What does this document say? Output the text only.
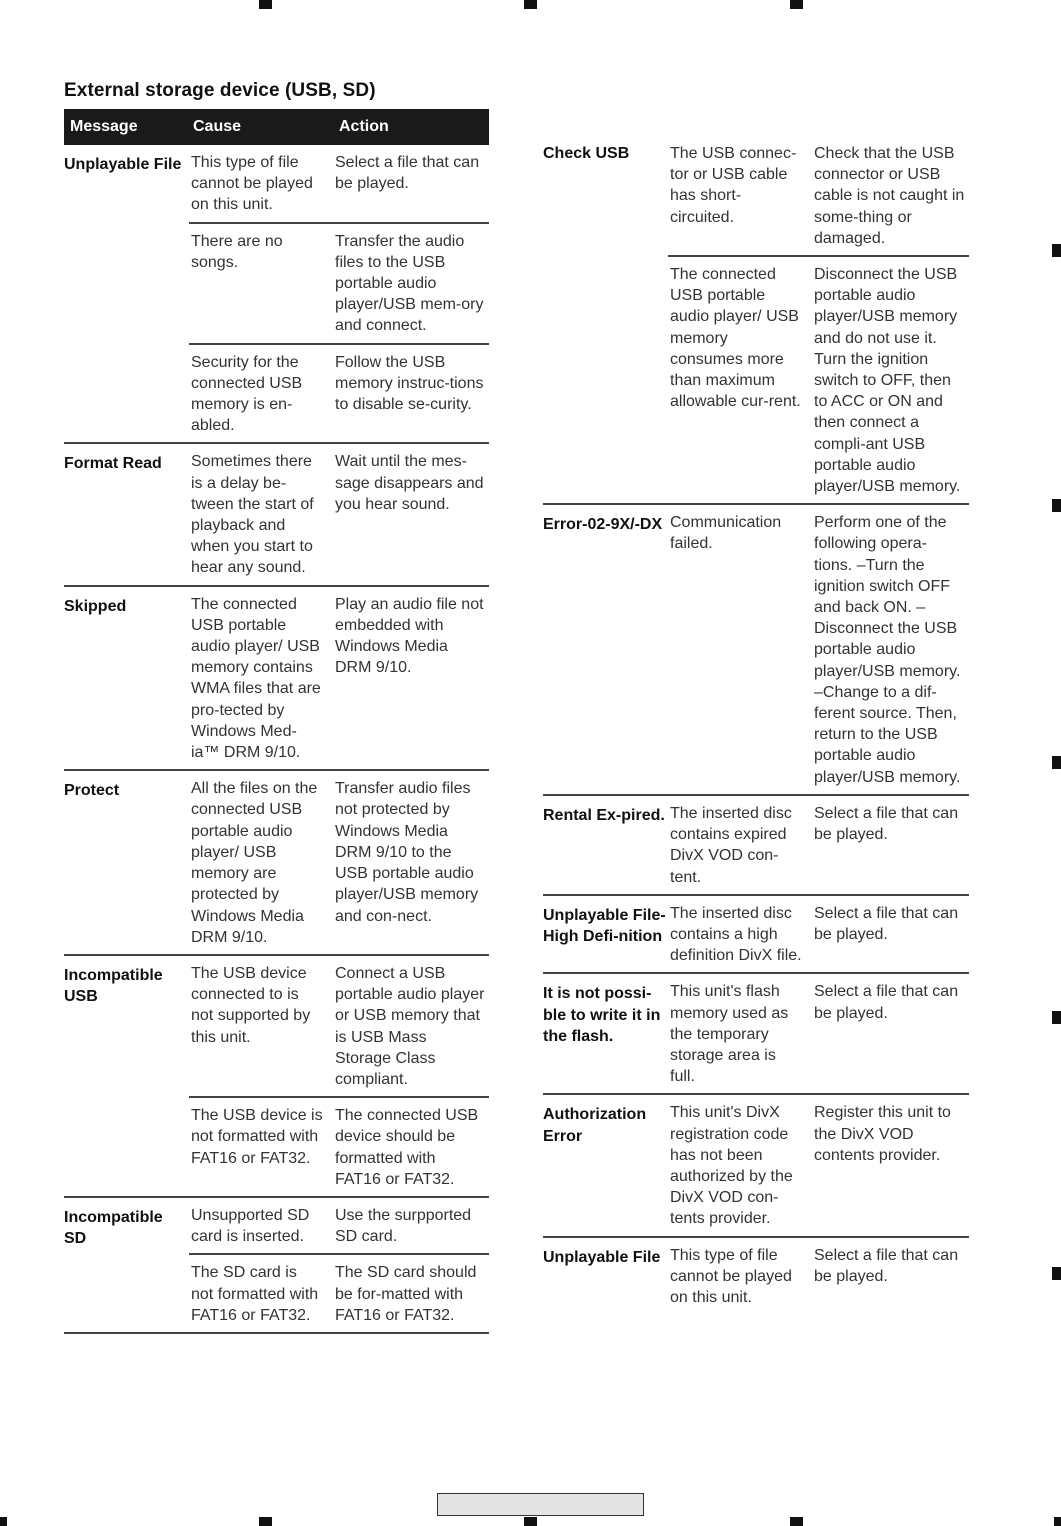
External storage device (USB, SD)
Message	Cause	Action
Unplayable File	This type of file cannot be played on this unit.	Select a file that can be played.
	There are no songs.	Transfer the audio files to the USB portable audio player/USB mem-ory and connect.
	Security for the connected USB memory is en-abled.	Follow the USB memory instruc-tions to disable se-curity.
Format Read	Sometimes there is a delay be-tween the start of playback and when you start to hear any sound.	Wait until the mes-sage disappears and you hear sound.
Skipped	The connected USB portable audio player/ USB memory contains WMA files that are pro-tected by Windows Med-ia™ DRM 9/10.	Play an audio file not embedded with Windows Media DRM 9/10.
Protect	All the files on the connected USB portable audio player/ USB memory are protected by Windows Media DRM 9/10.	Transfer audio files not protected by Windows Media DRM 9/10 to the USB portable audio player/USB memory and con-nect.
Incompatible USB	The USB device connected to is not supported by this unit.	Connect a USB portable audio player or USB memory that is USB Mass Storage Class compliant.
	The USB device is not formatted with FAT16 or FAT32.	The connected USB device should be formatted with FAT16 or FAT32.
Incompatible SD	Unsupported SD card is inserted.	Use the surpported SD card.
	The SD card is not formatted with FAT16 or FAT32.	The SD card should be for-matted with FAT16 or FAT32.
Check USB	The USB connec-tor or USB cable has short-circuited.	Check that the USB connector or USB cable is not caught in some-thing or damaged.
	The connected USB portable audio player/ USB memory consumes more than maximum allowable cur-rent.	Disconnect the USB portable audio player/USB memory and do not use it. Turn the ignition switch to OFF, then to ACC or ON and then connect a compli-ant USB portable audio player/USB memory.
Error-02-9X/-DX	Communication failed.	Perform one of the following opera-tions. –Turn the ignition switch OFF and back ON. –Disconnect the USB portable audio player/USB memory. –Change to a dif-ferent source. Then, return to the USB portable audio player/USB memory.
Rental Ex-pired.	The inserted disc contains expired DivX VOD con-tent.	Select a file that can be played.
Unplayable File-High Defi-nition	The inserted disc contains a high definition DivX file.	Select a file that can be played.
It is not possi-ble to write it in the flash.	This unit's flash memory used as the temporary storage area is full.	Select a file that can be played.
Authorization Error	This unit's DivX registration code has not been authorized by the DivX VOD con-tents provider.	Register this unit to the DivX VOD contents provider.
Unplayable File	This type of file cannot be played on this unit.	Select a file that can be played.
